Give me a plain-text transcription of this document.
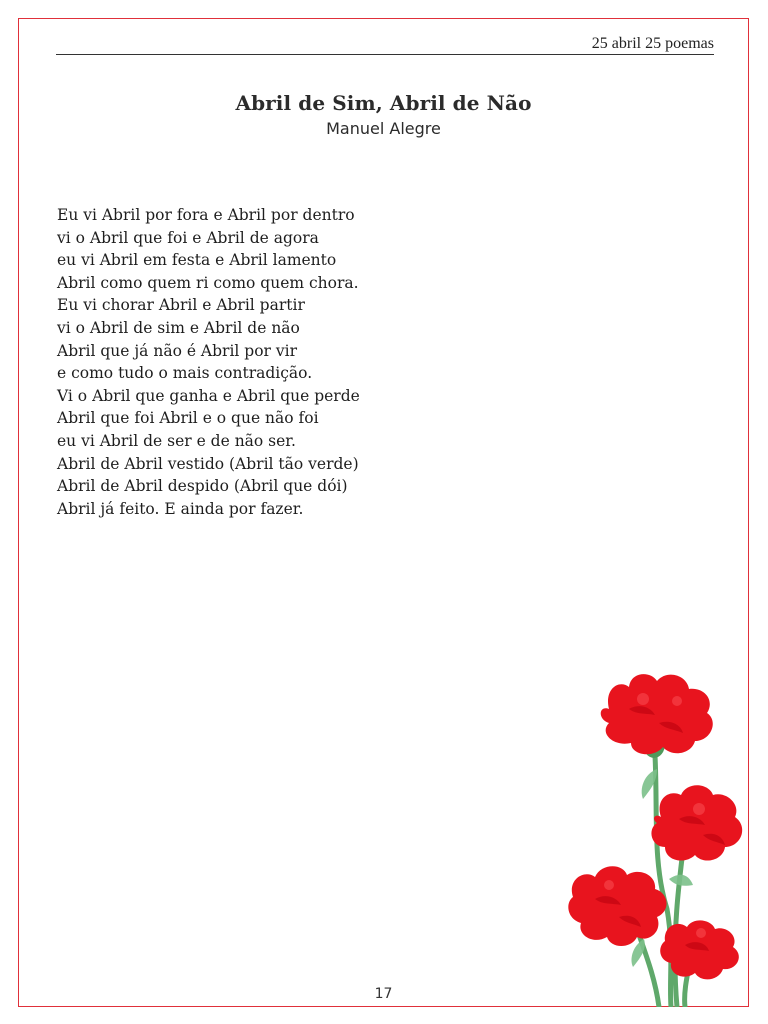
25 abril 25 poemas
Abril de Sim, Abril de Não
Manuel Alegre
Eu vi Abril por fora e Abril por dentro
vi o Abril que foi e Abril de agora
eu vi Abril em festa e Abril lamento
Abril como quem ri como quem chora.
Eu vi chorar Abril e Abril partir
vi o Abril de sim e Abril de não
Abril que já não é Abril por vir
e como tudo o mais contradição.
Vi o Abril que ganha e Abril que perde
Abril que foi Abril e o que não foi
eu vi Abril de ser e de não ser.
Abril de Abril vestido (Abril tão verde)
Abril de Abril despido (Abril que dói)
Abril já feito. E ainda por fazer.
17
